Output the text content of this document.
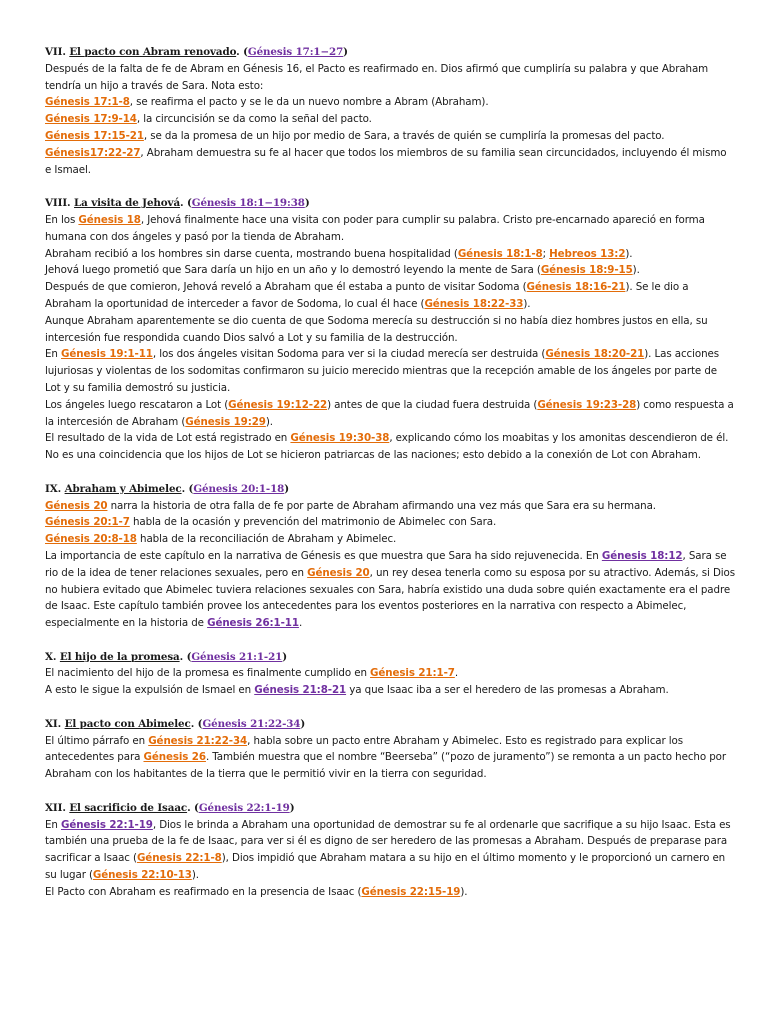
VII. El pacto con Abram renovado. (Génesis 17:1−27)
Después de la falta de fe de Abram en Génesis 16, el Pacto es reafirmado en. Dios afirmó que cumpliría su palabra y que Abraham tendría un hijo a través de Sara. Nota esto:
Génesis 17:1-8, se reafirma el pacto y se le da un nuevo nombre a Abram (Abraham).
Génesis 17:9-14, la circuncisión se da como la señal del pacto.
Génesis 17:15-21, se da la promesa de un hijo por medio de Sara, a través de quién se cumpliría la promesas del pacto.
Génesis17:22-27, Abraham demuestra su fe al hacer que todos los miembros de su familia sean circuncidados, incluyendo él mismo e Ismael.
VIII. La visita de Jehová. (Génesis 18:1−19:38)
En los Génesis 18, Jehová finalmente hace una visita con poder para cumplir su palabra. Cristo pre-encarnado apareció en forma humana con dos ángeles y pasó por la tienda de Abraham.
Abraham recibió a los hombres sin darse cuenta, mostrando buena hospitalidad (Génesis 18:1-8; Hebreos 13:2).
Jehová luego prometió que Sara daría un hijo en un año y lo demostró leyendo la mente de Sara (Génesis 18:9-15).
Después de que comieron, Jehová reveló a Abraham que él estaba a punto de visitar Sodoma (Génesis 18:16-21). Se le dio a Abraham la oportunidad de interceder a favor de Sodoma, lo cual él hace (Génesis 18:22-33).
Aunque Abraham aparentemente se dio cuenta de que Sodoma merecía su destrucción si no había diez hombres justos en ella, su intercesión fue respondida cuando Dios salvó a Lot y su familia de la destrucción.
En Génesis 19:1-11, los dos ángeles visitan Sodoma para ver si la ciudad merecía ser destruida (Génesis 18:20-21). Las acciones lujuriosas y violentas de los sodomitas confirmaron su juicio merecido mientras que la recepción amable de los ángeles por parte de Lot y su familia demostró su justicia.
Los ángeles luego rescataron a Lot (Génesis 19:12-22) antes de que la ciudad fuera destruida (Génesis 19:23-28) como respuesta a la intercesión de Abraham (Génesis 19:29).
El resultado de la vida de Lot está registrado en Génesis 19:30-38, explicando cómo los moabitas y los amonitas descendieron de él. No es una coincidencia que los hijos de Lot se hicieron patriarcas de las naciones; esto debido a la conexión de Lot con Abraham.
IX. Abraham y Abimelec. (Génesis 20:1-18)
Génesis 20 narra la historia de otra falla de fe por parte de Abraham afirmando una vez más que Sara era su hermana.
Génesis 20:1-7 habla de la ocasión y prevención del matrimonio de Abimelec con Sara.
Génesis 20:8-18 habla de la reconciliación de Abraham y Abimelec.
La importancia de este capítulo en la narrativa de Génesis es que muestra que Sara ha sido rejuvenecida. En Génesis 18:12, Sara se rio de la idea de tener relaciones sexuales, pero en Génesis 20, un rey desea tenerla como su esposa por su atractivo. Además, si Dios no hubiera evitado que Abimelec tuviera relaciones sexuales con Sara, habría existido una duda sobre quién exactamente era el padre de Isaac. Este capítulo también provee los antecedentes para los eventos posteriores en la narrativa con respecto a Abimelec, especialmente en la historia de Génesis 26:1-11.
X. El hijo de la promesa. (Génesis 21:1-21)
El nacimiento del hijo de la promesa es finalmente cumplido en Génesis 21:1-7.
A esto le sigue la expulsión de Ismael en Génesis 21:8-21 ya que Isaac iba a ser el heredero de las promesas a Abraham.
XI. El pacto con Abimelec. (Génesis 21:22-34)
El último párrafo en Génesis 21:22-34, habla sobre un pacto entre Abraham y Abimelec. Esto es registrado para explicar los antecedentes para Génesis 26. También muestra que el nombre “Beerseba” (“pozo de juramento”) se remonta a un pacto hecho por Abraham con los habitantes de la tierra que le permitió vivir en la tierra con seguridad.
XII. El sacrificio de Isaac. (Génesis 22:1-19)
En Génesis 22:1-19, Dios le brinda a Abraham una oportunidad de demostrar su fe al ordenarle que sacrifique a su hijo Isaac. Esta es también una prueba de la fe de Isaac, para ver si él es digno de ser heredero de las promesas a Abraham. Después de preparase para sacrificar a Isaac (Génesis 22:1-8), Dios impidió que Abraham matara a su hijo en el último momento y le proporcionó un carnero en su lugar (Génesis 22:10-13).
El Pacto con Abraham es reafirmado en la presencia de Isaac (Génesis 22:15-19).
